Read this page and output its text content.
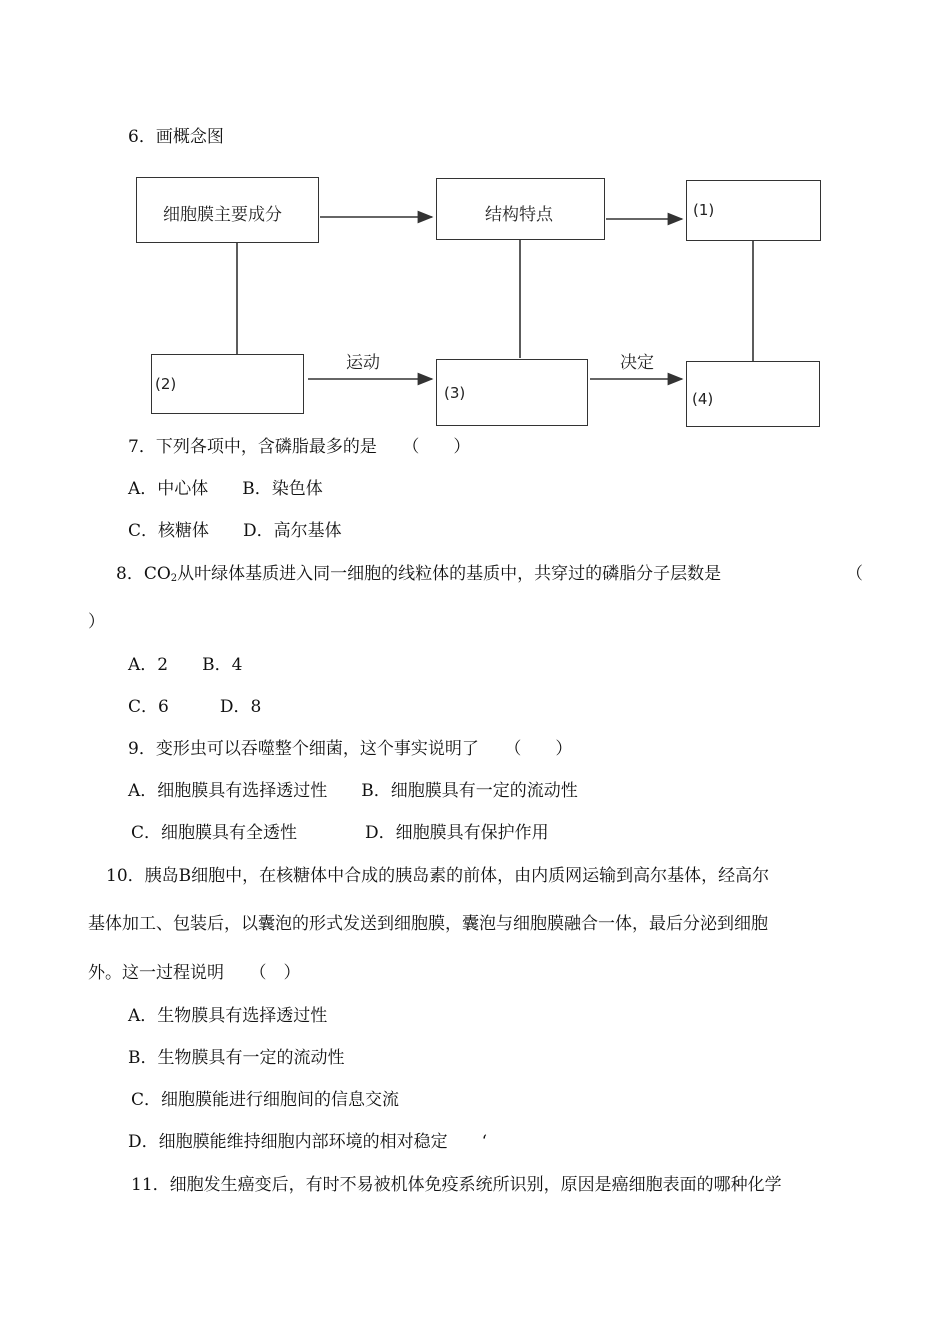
6．画概念图
细胞膜主要成分	结构特点	(1)
(2)	(3)	(4)
运动	决定
7．下列各项中，含磷脂最多的是　　（　　）
A．中心体　　B．染色体
C．核糖体　　D．高尔基体
8．$CO_2$从叶绿体基质进入同一细胞的线粒体的基质中，共穿过的磷脂分子层数是	（
）
A．2　　B．4
C．6　　　D．8
9．变形虫可以吞噬整个细菌，这个事实说明了　　（　　）
A．细胞膜具有选择透过性　　B．细胞膜具有一定的流动性
C．细胞膜具有全透性　　　　D．细胞膜具有保护作用
10．胰岛B细胞中，在核糖体中合成的胰岛素的前体，由内质网运输到高尔基体，经高尔
基体加工、包装后，以囊泡的形式发送到细胞膜，囊泡与细胞膜融合一体，最后分泌到细胞
外。这一过程说明　　（　）
A．生物膜具有选择透过性
B．生物膜具有一定的流动性
C．细胞膜能进行细胞间的信息交流
D．细胞膜能维持细胞内部环境的相对稳定　　‘
11．细胞发生癌变后，有时不易被机体免疫系统所识别，原因是癌细胞表面的哪种化学
